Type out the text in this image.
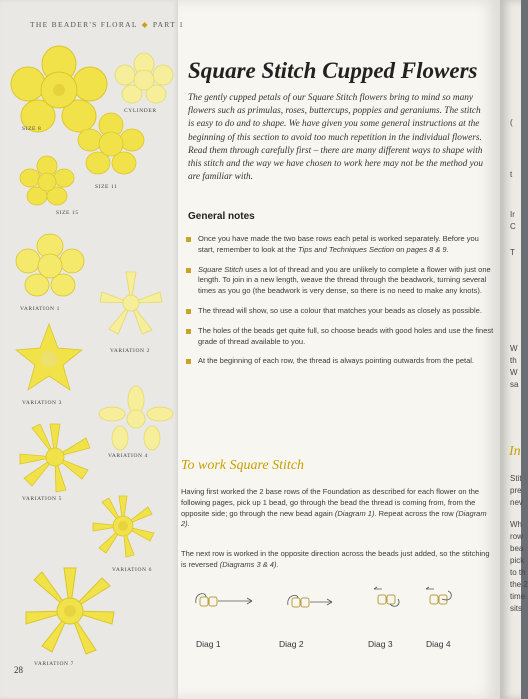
THE BEADER'S FLORAL ◆ PART 1
CYLINDER
SIZE 8
SIZE 11
SIZE 15
VARIATION 1
VARIATION 2
VARIATION 3
VARIATION 4
VARIATION 5
VARIATION 6
VARIATION 7
28
Square Stitch Cupped Flowers
The gently cupped petals of our Square Stitch flowers bring to mind so many flowers such as primulas, roses, buttercups, poppies and geraniums. The stitch is easy to do and to shape. We have given you some general instructions at the beginning of this section to avoid too much repetition in the individual flowers. Read them through carefully first – there are many different ways to shape with this stitch and the way we have chosen to work here may not be the method you are familiar with.
General notes
Once you have made the two base rows each petal is worked separately. Before you start, remember to look at the Tips and Techniques Section on pages 8 & 9.
Square Stitch uses a lot of thread and you are unlikely to complete a flower with just one length. To join in a new length, weave the thread through the beadwork, turning several times as you go (the beadwork is very dense, so there is no need to make any knots).
The thread will show, so use a colour that matches your beads as closely as possible.
The holes of the beads get quite full, so choose beads with good holes and use the finest grade of thread available to you.
At the beginning of each row, the thread is always pointing outwards from the petal.
To work Square Stitch
Having first worked the 2 base rows of the Foundation as described for each flower on the following pages, pick up 1 bead, go through the bead the thread is coming from, from the opposite side; go through the new bead again (Diagram 1). Repeat across the row (Diagram 2).
The next row is worked in the opposite direction across the beads just added, so the stitching is reversed (Diagrams 3 & 4).
Diag 1	Diag 2	Diag 3	Diag 4
(
t
Ir
C
T
W
th
W
sa
In
Stit
pre
nev
Wh
row
bea
pick
to th
the 2
time
sits
